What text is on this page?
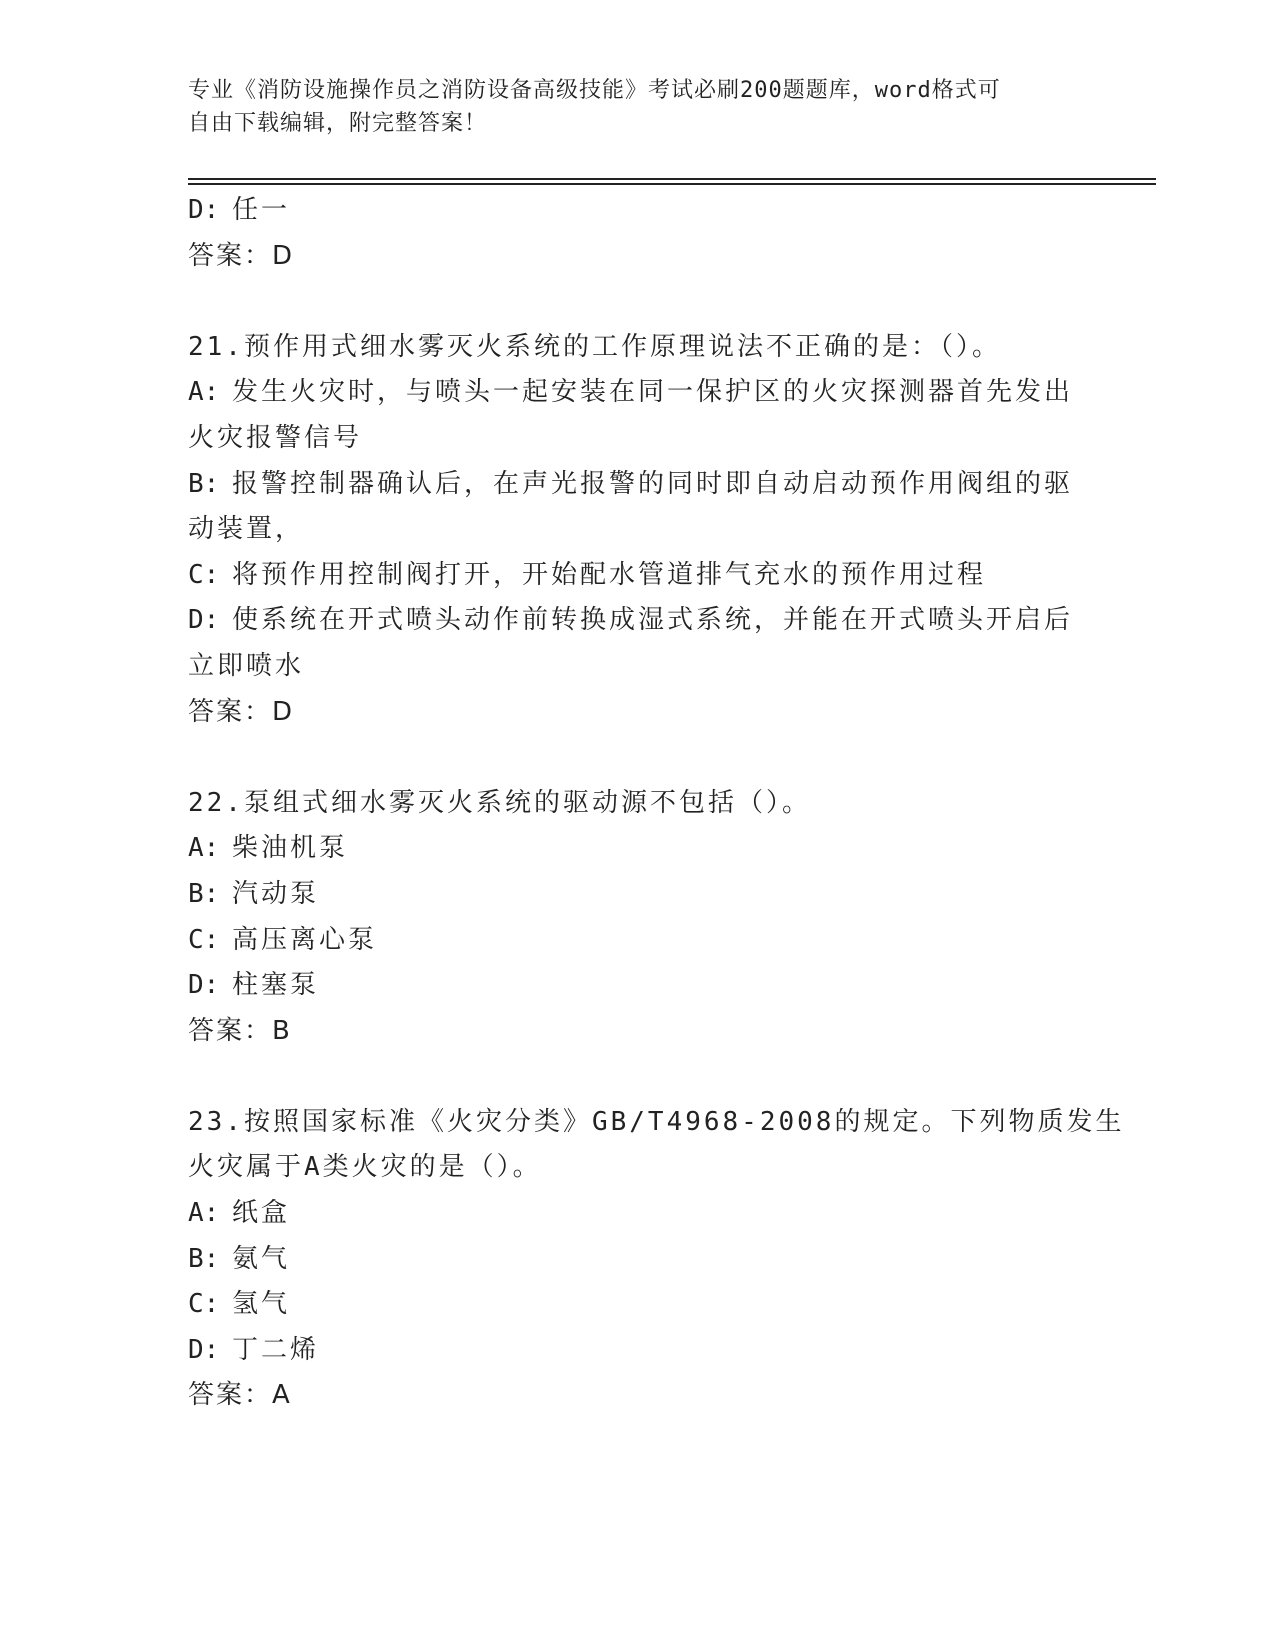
专业《消防设施操作员之消防设备高级技能》考试必刷200题题库，word格式可
自由下载编辑，附完整答案！
D: 任一
答案：D
21.预作用式细水雾灭火系统的工作原理说法不正确的是：（）。
A: 发生火灾时，与喷头一起安装在同一保护区的火灾探测器首先发出
火灾报警信号
B: 报警控制器确认后，在声光报警的同时即自动启动预作用阀组的驱
动装置，
C: 将预作用控制阀打开，开始配水管道排气充水的预作用过程
D: 使系统在开式喷头动作前转换成湿式系统，并能在开式喷头开启后
立即喷水
答案：D
22.泵组式细水雾灭火系统的驱动源不包括（）。
A: 柴油机泵
B: 汽动泵
C: 高压离心泵
D: 柱塞泵
答案：B
23.按照国家标准《火灾分类》GB/T4968-2008的规定。下列物质发生
火灾属于A类火灾的是（）。
A: 纸盒
B: 氨气
C: 氢气
D: 丁二烯
答案：A
